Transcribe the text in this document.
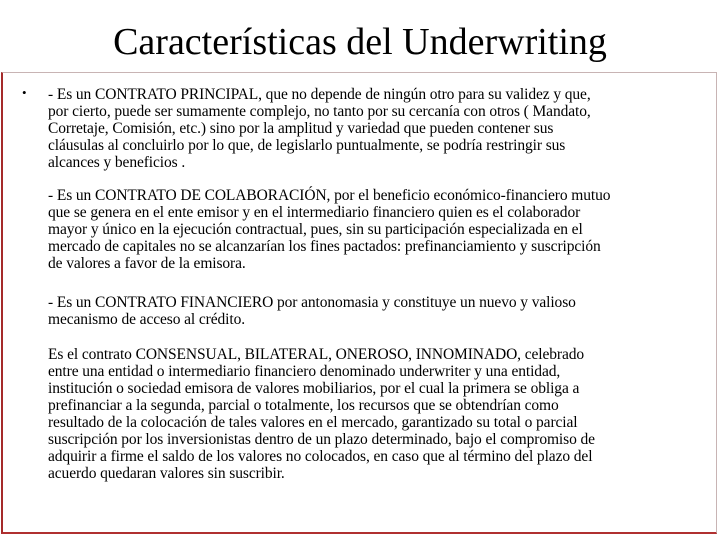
Características del Underwriting
• - Es un CONTRATO PRINCIPAL, que no depende de ningún otro para su validez y que,
por cierto, puede ser sumamente complejo, no tanto por su cercanía con otros ( Mandato,
Corretaje, Comisión, etc.) sino por la amplitud y variedad que pueden contener sus
cláusulas al concluirlo por lo que, de legislarlo puntualmente, se podría restringir sus
alcances y beneficios .

- Es un CONTRATO DE COLABORACIÓN, por el beneficio económico-financiero mutuo
que se genera en el ente emisor y en el intermediario financiero quien es el colaborador
mayor y único en la ejecución contractual, pues, sin su participación especializada en el
mercado de capitales no se alcanzarían los fines pactados: prefinanciamiento y suscripción
de valores a favor de la emisora.

- Es un CONTRATO FINANCIERO por antonomasia y constituye un nuevo y valioso
mecanismo de acceso al crédito.

Es el contrato CONSENSUAL, BILATERAL, ONEROSO, INNOMINADO, celebrado
entre una entidad o intermediario financiero denominado underwriter y una entidad,
institución o sociedad emisora de valores mobiliarios, por el cual la primera se obliga a
prefinanciar a la segunda, parcial o totalmente, los recursos que se obtendrían como
resultado de la colocación de tales valores en el mercado, garantizado su total o parcial
suscripción por los inversionistas dentro de un plazo determinado, bajo el compromiso de
adquirir a firme el saldo de los valores no colocados, en caso que al término del plazo del
acuerdo quedaran valores sin suscribir.
